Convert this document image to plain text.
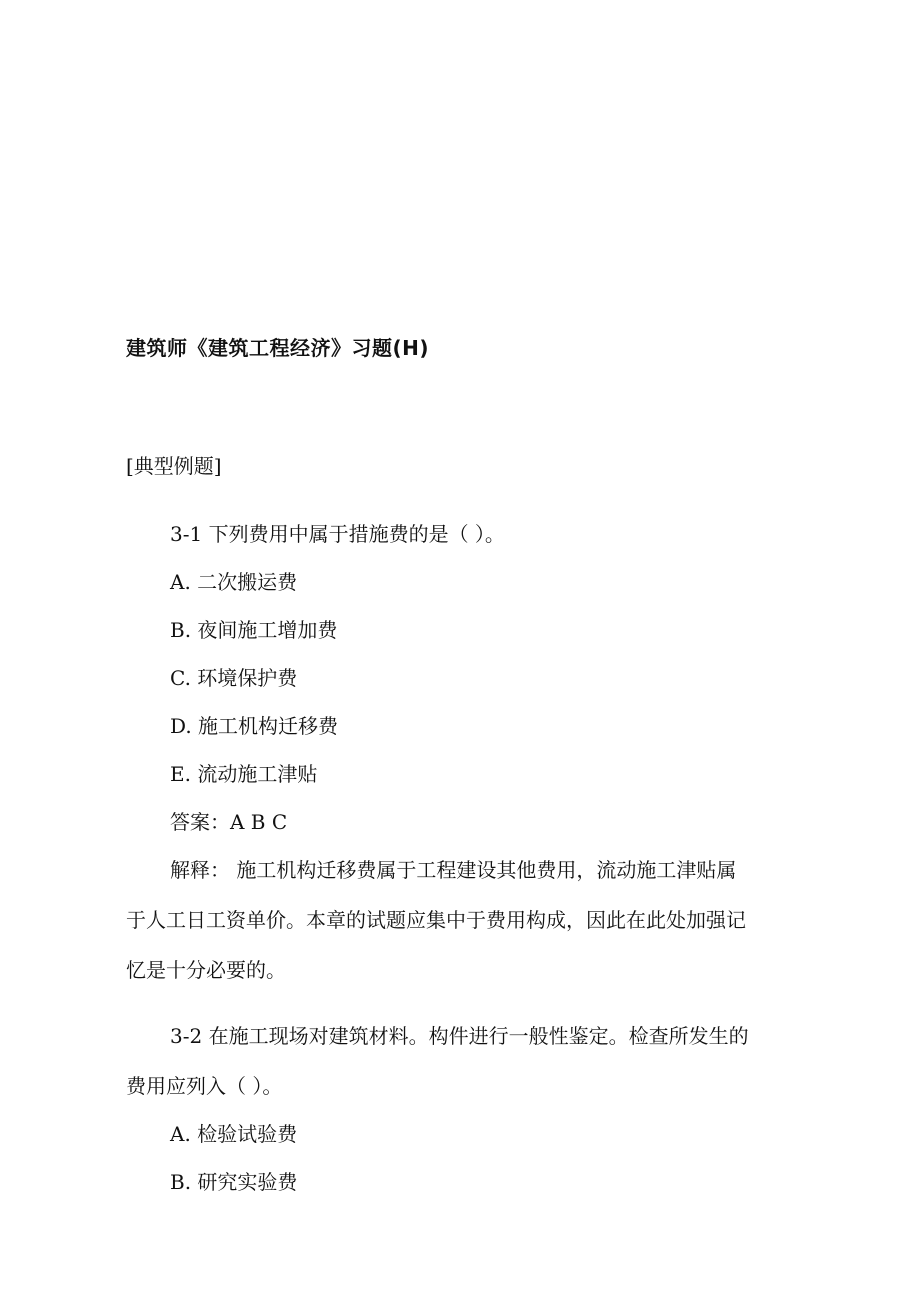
建筑师《建筑工程经济》习题(H)
[典型例题]
3-1 下列费用中属于措施费的是（ ）。
A. 二次搬运费
B. 夜间施工增加费
C. 环境保护费
D. 施工机构迁移费
E. 流动施工津贴
答案：A B C
解释： 施工机构迁移费属于工程建设其他费用，流动施工津贴属
于人工日工资单价。本章的试题应集中于费用构成，因此在此处加强记
忆是十分必要的。
3-2 在施工现场对建筑材料。构件进行一般性鉴定。检查所发生的
费用应列入（ ）。
A. 检验试验费
B. 研究实验费
